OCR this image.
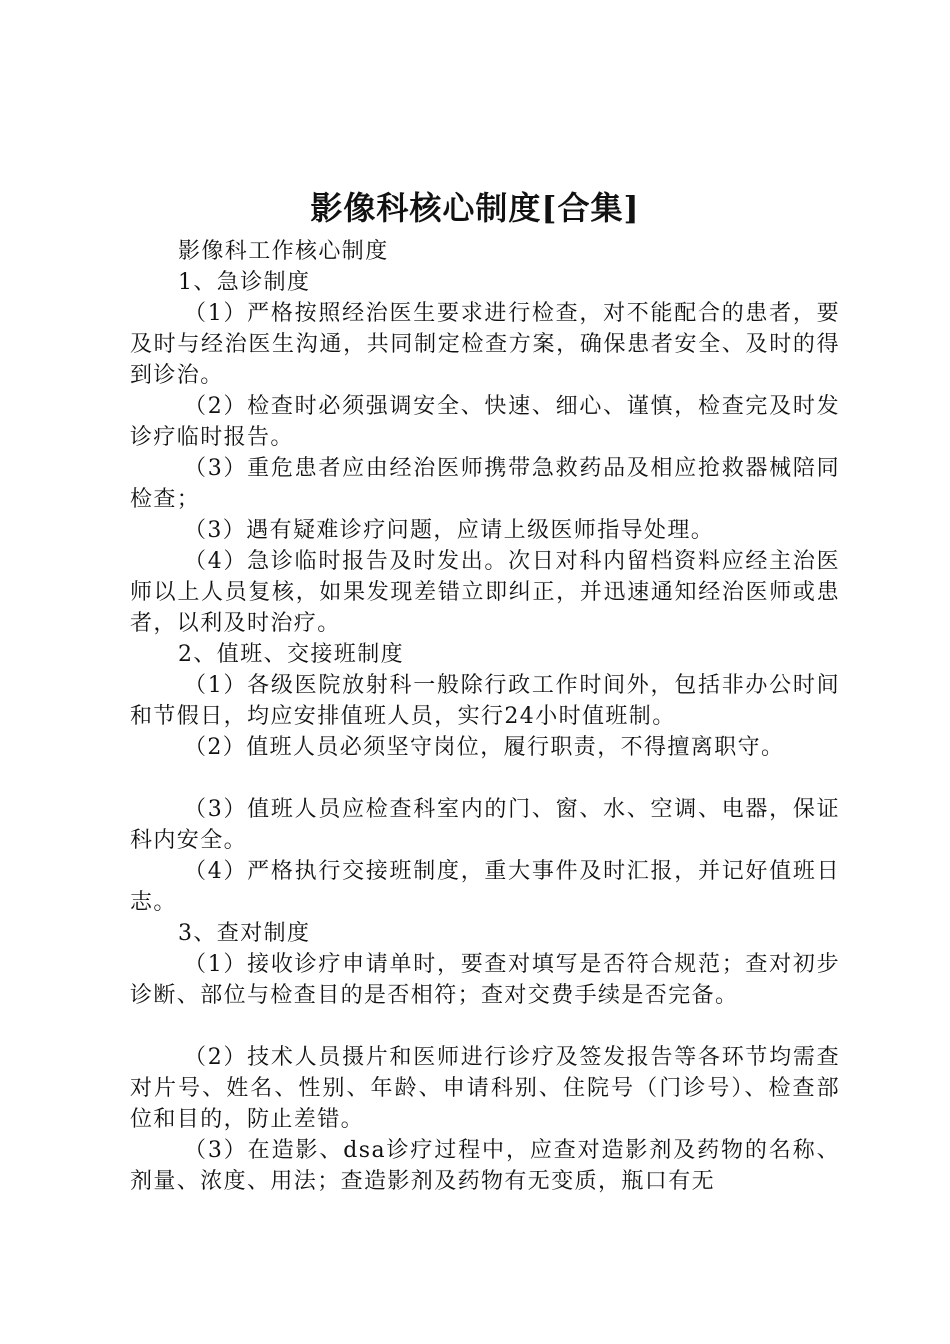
影像科核心制度[合集]

影像科工作核心制度

1、急诊制度

（1）严格按照经治医生要求进行检查，对不能配合的患者，要及时与经治医生沟通，共同制定检查方案，确保患者安全、及时的得到诊治。

（2）检查时必须强调安全、快速、细心、谨慎，检查完及时发诊疗临时报告。

（3）重危患者应由经治医师携带急救药品及相应抢救器械陪同检查；

（3）遇有疑难诊疗问题，应请上级医师指导处理。

（4）急诊临时报告及时发出。次日对科内留档资料应经主治医师以上人员复核，如果发现差错立即纠正，并迅速通知经治医师或患者，以利及时治疗。

2、值班、交接班制度

（1）各级医院放射科一般除行政工作时间外，包括非办公时间和节假日，均应安排值班人员，实行24小时值班制。

（2）值班人员必须坚守岗位，履行职责，不得擅离职守。

（3）值班人员应检查科室内的门、窗、水、空调、电器，保证科内安全。

（4）严格执行交接班制度，重大事件及时汇报，并记好值班日志。

3、查对制度

（1）接收诊疗申请单时，要查对填写是否符合规范；查对初步诊断、部位与检查目的是否相符；查对交费手续是否完备。

（2）技术人员摄片和医师进行诊疗及签发报告等各环节均需查对片号、姓名、性别、年龄、申请科别、住院号（门诊号）、检查部位和目的，防止差错。

（3）在造影、dsa诊疗过程中，应查对造影剂及药物的名称、剂量、浓度、用法；查造影剂及药物有无变质，瓶口有无
